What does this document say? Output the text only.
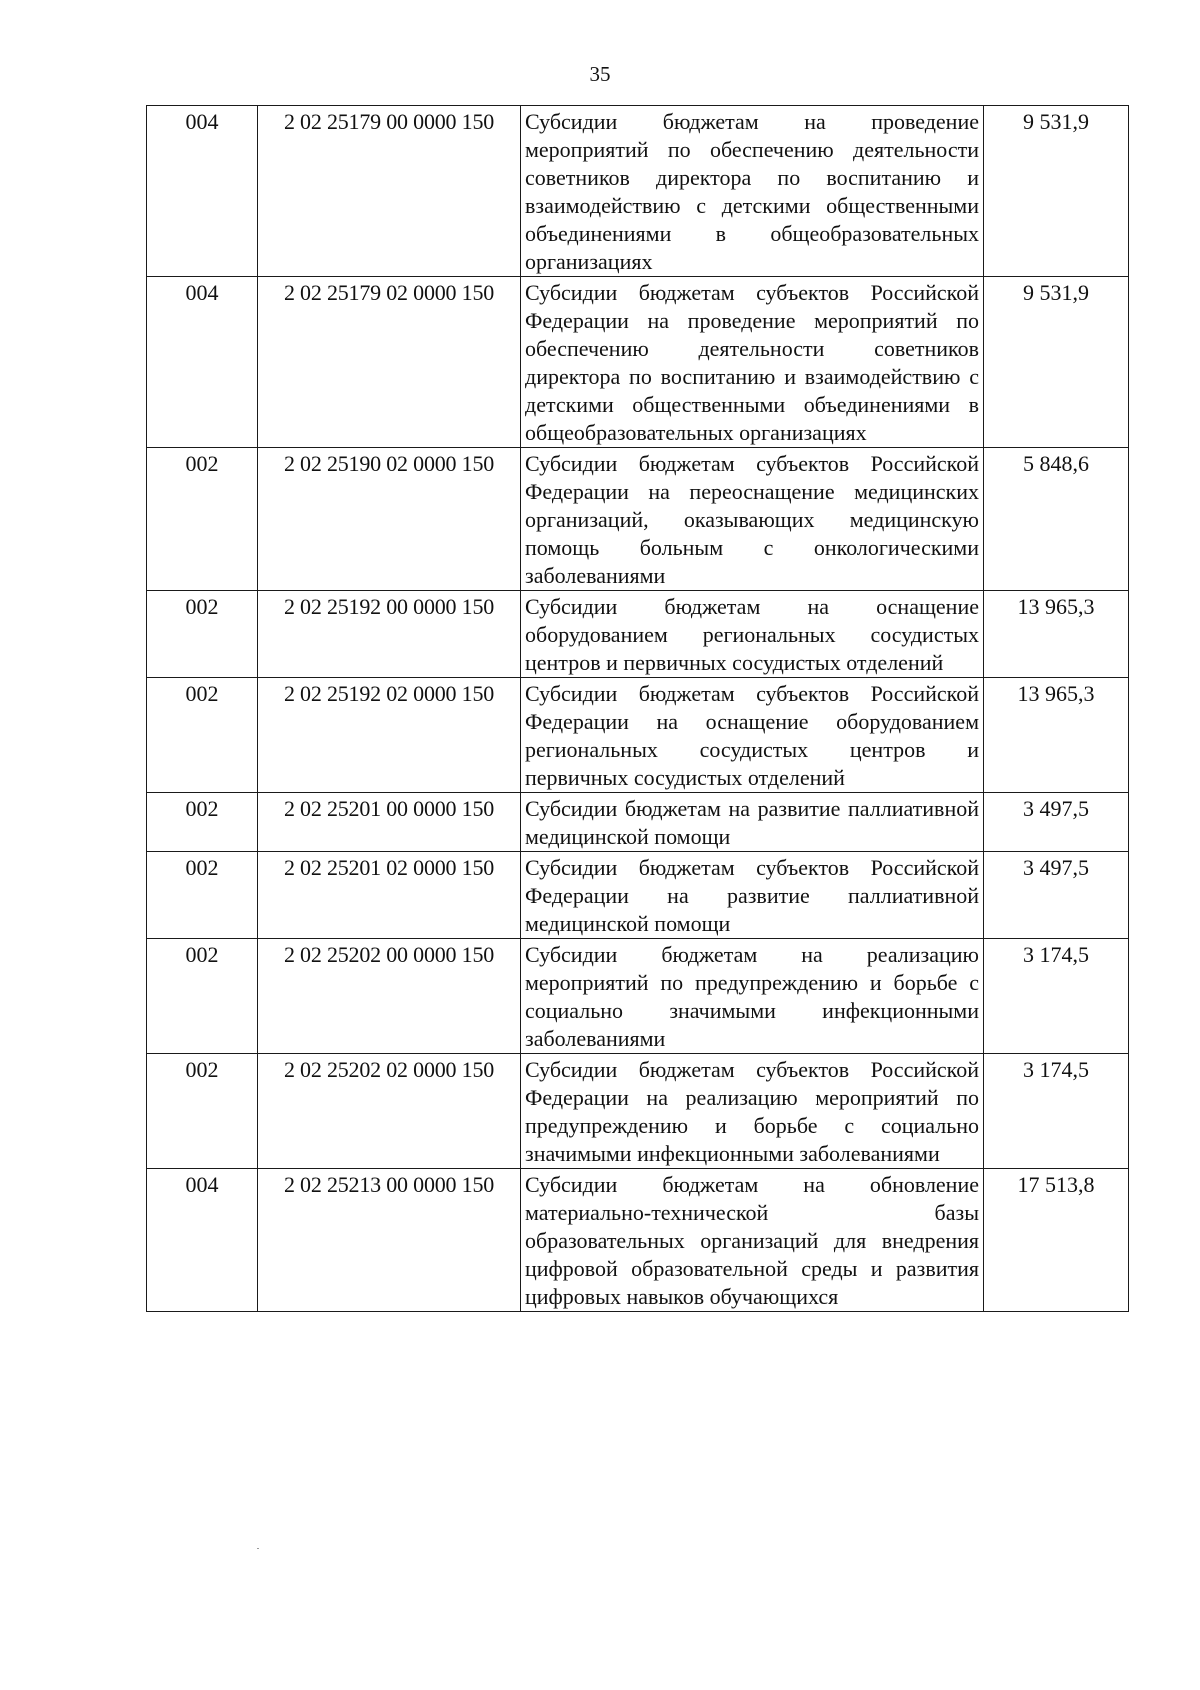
35
004	2 02 25179 00 0000 150	Субсидии бюджетам на проведение мероприятий по обеспечению деятельности советников директора по воспитанию и взаимодействию с детскими общественными объединениями в общеобразовательных организациях	9 531,9
004	2 02 25179 02 0000 150	Субсидии бюджетам субъектов Российской Федерации на проведение мероприятий по обеспечению деятельности советников директора по воспитанию и взаимодействию с детскими общественными объединениями в общеобразовательных организациях	9 531,9
002	2 02 25190 02 0000 150	Субсидии бюджетам субъектов Российской Федерации на переоснащение медицинских организаций, оказывающих медицинскую помощь больным с онкологическими заболеваниями	5 848,6
002	2 02 25192 00 0000 150	Субсидии бюджетам на оснащение оборудованием региональных сосудистых центров и первичных сосудистых отделений	13 965,3
002	2 02 25192 02 0000 150	Субсидии бюджетам субъектов Российской Федерации на оснащение оборудованием региональных сосудистых центров и первичных сосудистых отделений	13 965,3
002	2 02 25201 00 0000 150	Субсидии бюджетам на развитие паллиативной медицинской помощи	3 497,5
002	2 02 25201 02 0000 150	Субсидии бюджетам субъектов Российской Федерации на развитие паллиативной медицинской помощи	3 497,5
002	2 02 25202 00 0000 150	Субсидии бюджетам на реализацию мероприятий по предупреждению и борьбе с социально значимыми инфекционными заболеваниями	3 174,5
002	2 02 25202 02 0000 150	Субсидии бюджетам субъектов Российской Федерации на реализацию мероприятий по предупреждению и борьбе с социально значимыми инфекционными заболеваниями	3 174,5
004	2 02 25213 00 0000 150	Субсидии бюджетам на обновление материально-технической базы образовательных организаций для внедрения цифровой образовательной среды и развития цифровых навыков обучающихся	17 513,8
